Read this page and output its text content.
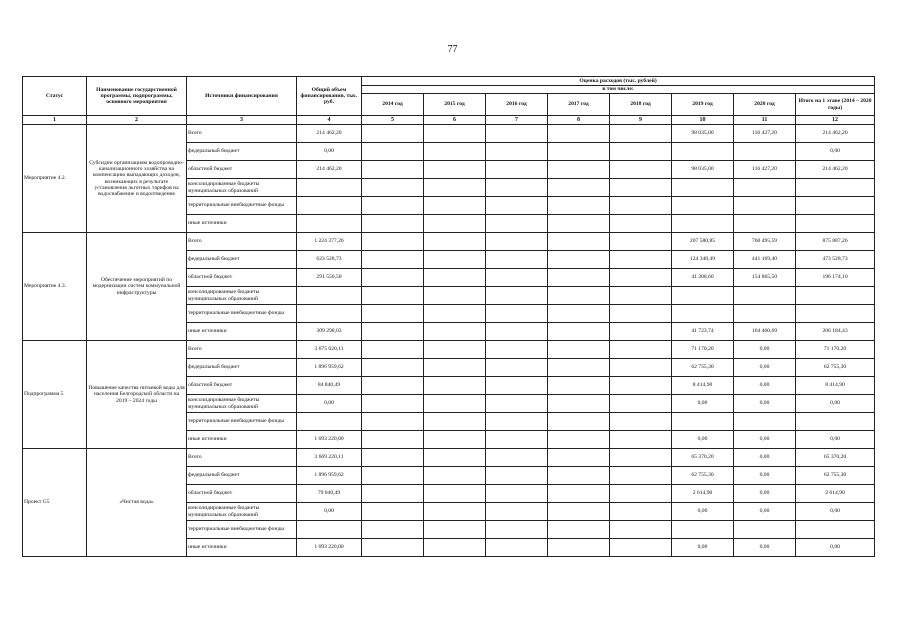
77
Статус	Наименование государственной программы, подпрограммы, основного мероприятия	Источники финансирования	Общий объем финансирования, тыс. руб.	Оценка расходов (тыс. рублей)							
				в том числе:							
				2014 год	2015 год	2016 год	2017 год	2018 год	2019 год	2020 год	Итого на 1 этапе (2014 – 2020 годы)
1	2	3	4	5	6	7	8	9	10	11	12
Мероприятие 4.2.	Субсидии организациям водопроводно-канализационного хозяйства на компенсацию выпадающих доходов, возникающих в результате установления льготных тарифов на водоснабжение и водоотведение	Всего	214 462,20						98 035,00	116 427,20	214 462,20
		федеральный бюджет	0,00								0,00
		областной бюджет	214 462,20						98 035,00	116 427,20	214 462,20
		консолидированные бюджеты муниципальных образований									
		территориальные внебюджетные фонды									
		иные источники									
Мероприятие 4.3.	Обеспечение мероприятий по модернизации систем коммунальной инфраструктуры	Всего	1 224 377,26						207 580,85	760 495,59	875 887,26
		федеральный бюджет	623 528,73						124 348,49	441 169,40	473 528,73
		областной бюджет	291 550,50						41 308,60	154 865,50	196 174,10
		консолидированные бюджеты муниципальных образований									
		территориальные внебюджетные фонды									
		иные источники	309 298,03						41 723,74	164 460,69	206 184,43
Подпрограмма 5	Повышение качества питьевой воды для населения Белгородской области на 2019 – 2024 годы	Всего	3 675 020,11						71 170,20	0,00	71 170,20
		федеральный бюджет	1 896 959,62						62 755,30	0,00	62 755,30
		областной бюджет	84 840,49						8 414,90	0,00	8 414,90
		консолидированные бюджеты муниципальных образований	0,00						0,00	0,00	0,00
		территориальные внебюджетные фонды									
		иные источники	1 693 220,00						0,00	0,00	0,00
Проект G5	«Чистая вода»	Всего	3 669 220,11						65 370,20	0,00	65 370,20
		федеральный бюджет	1 896 959,62						62 755,30	0,00	62 755,30
		областной бюджет	79 040,49						2 614,90	0,00	2 614,90
		консолидированные бюджеты муниципальных образований	0,00						0,00	0,00	0,00
		территориальные внебюджетные фонды									
		иные источники	1 693 220,00						0,00	0,00	0,00
